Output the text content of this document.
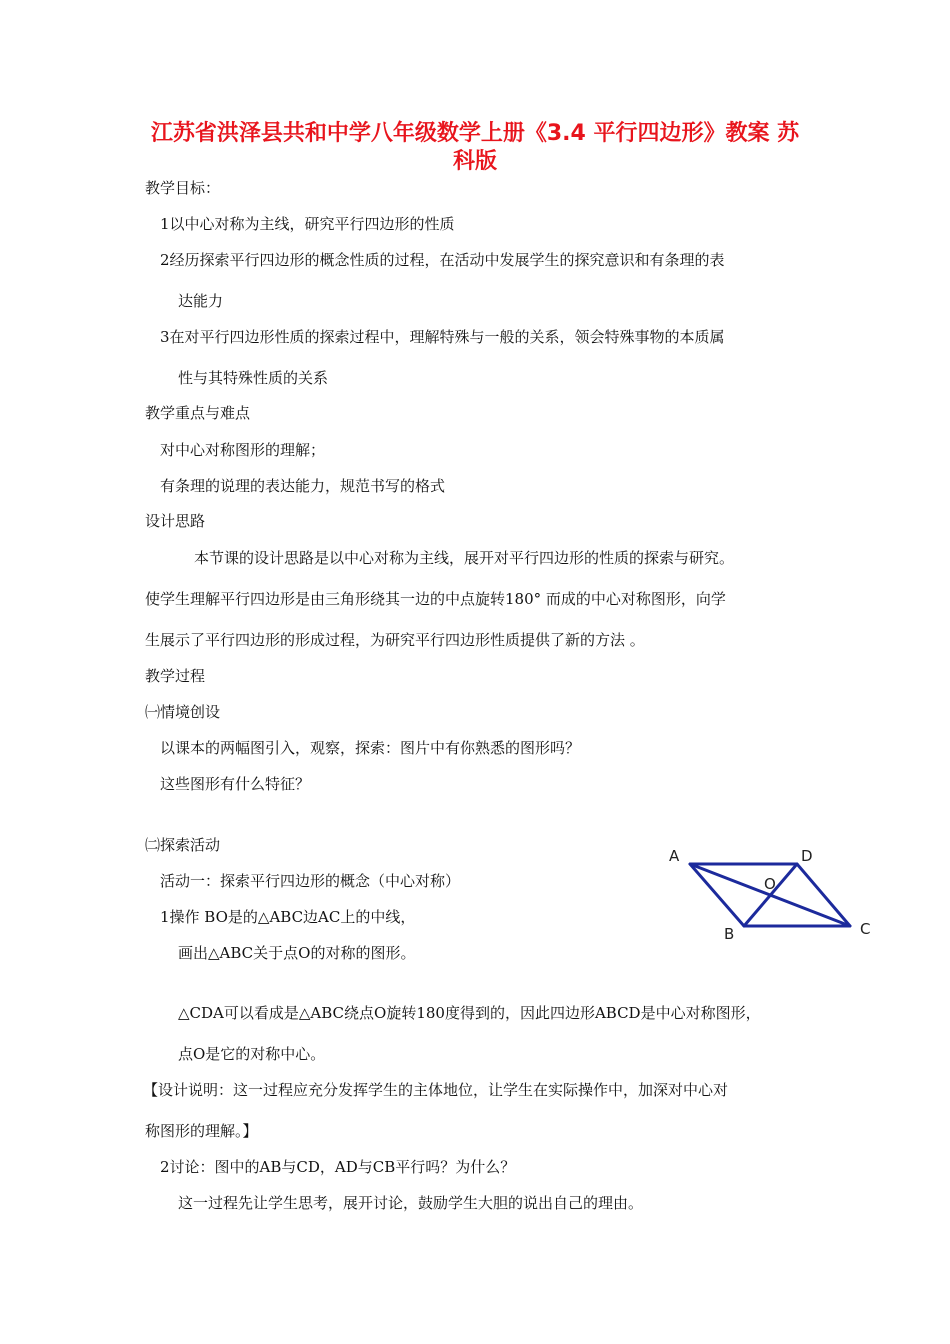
江苏省洪泽县共和中学八年级数学上册《3.4 平行四边形》教案 苏科版
教学目标：
1以中心对称为主线，研究平行四边形的性质
2经历探索平行四边形的概念性质的过程，在活动中发展学生的探究意识和有条理的表
达能力
3在对平行四边形性质的探索过程中，理解特殊与一般的关系，领会特殊事物的本质属
性与其特殊性质的关系
教学重点与难点
对中心对称图形的理解；
有条理的说理的表达能力，规范书写的格式
设计思路
本节课的设计思路是以中心对称为主线，展开对平行四边形的性质的探索与研究。
使学生理解平行四边形是由三角形绕其一边的中点旋转180° 而成的中心对称图形，向学
生展示了平行四边形的形成过程，为研究平行四边形性质提供了新的方法 。
教学过程
㈠情境创设
以课本的两幅图引入，观察，探索：图片中有你熟悉的图形吗？
这些图形有什么特征？
㈡探索活动
活动一：探索平行四边形的概念（中心对称）
1操作 BO是的△ABC边AC上的中线，
画出△ABC关于点O的对称的图形。
A	D
O
B	C
△CDA可以看成是△ABC绕点O旋转180度得到的，因此四边形ABCD是中心对称图形，
点O是它的对称中心。
【设计说明：这一过程应充分发挥学生的主体地位，让学生在实际操作中，加深对中心对
称图形的理解。】
2讨论：图中的AB与CD，AD与CB平行吗？为什么？
这一过程先让学生思考，展开讨论，鼓励学生大胆的说出自己的理由。
